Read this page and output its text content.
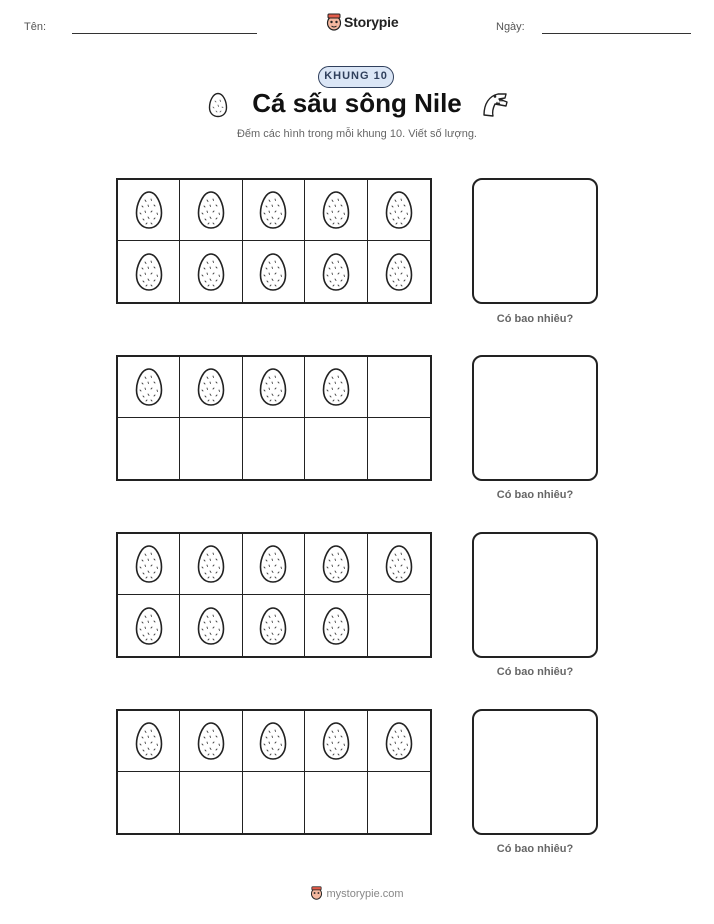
Tên:	Storypie	Ngày:
KHUNG 10
Cá sấu sông Nile
Đếm các hình trong mỗi khung 10. Viết số lượng.
Có bao nhiêu?
Có bao nhiêu?
Có bao nhiêu?
Có bao nhiêu?
mystorypie.com
